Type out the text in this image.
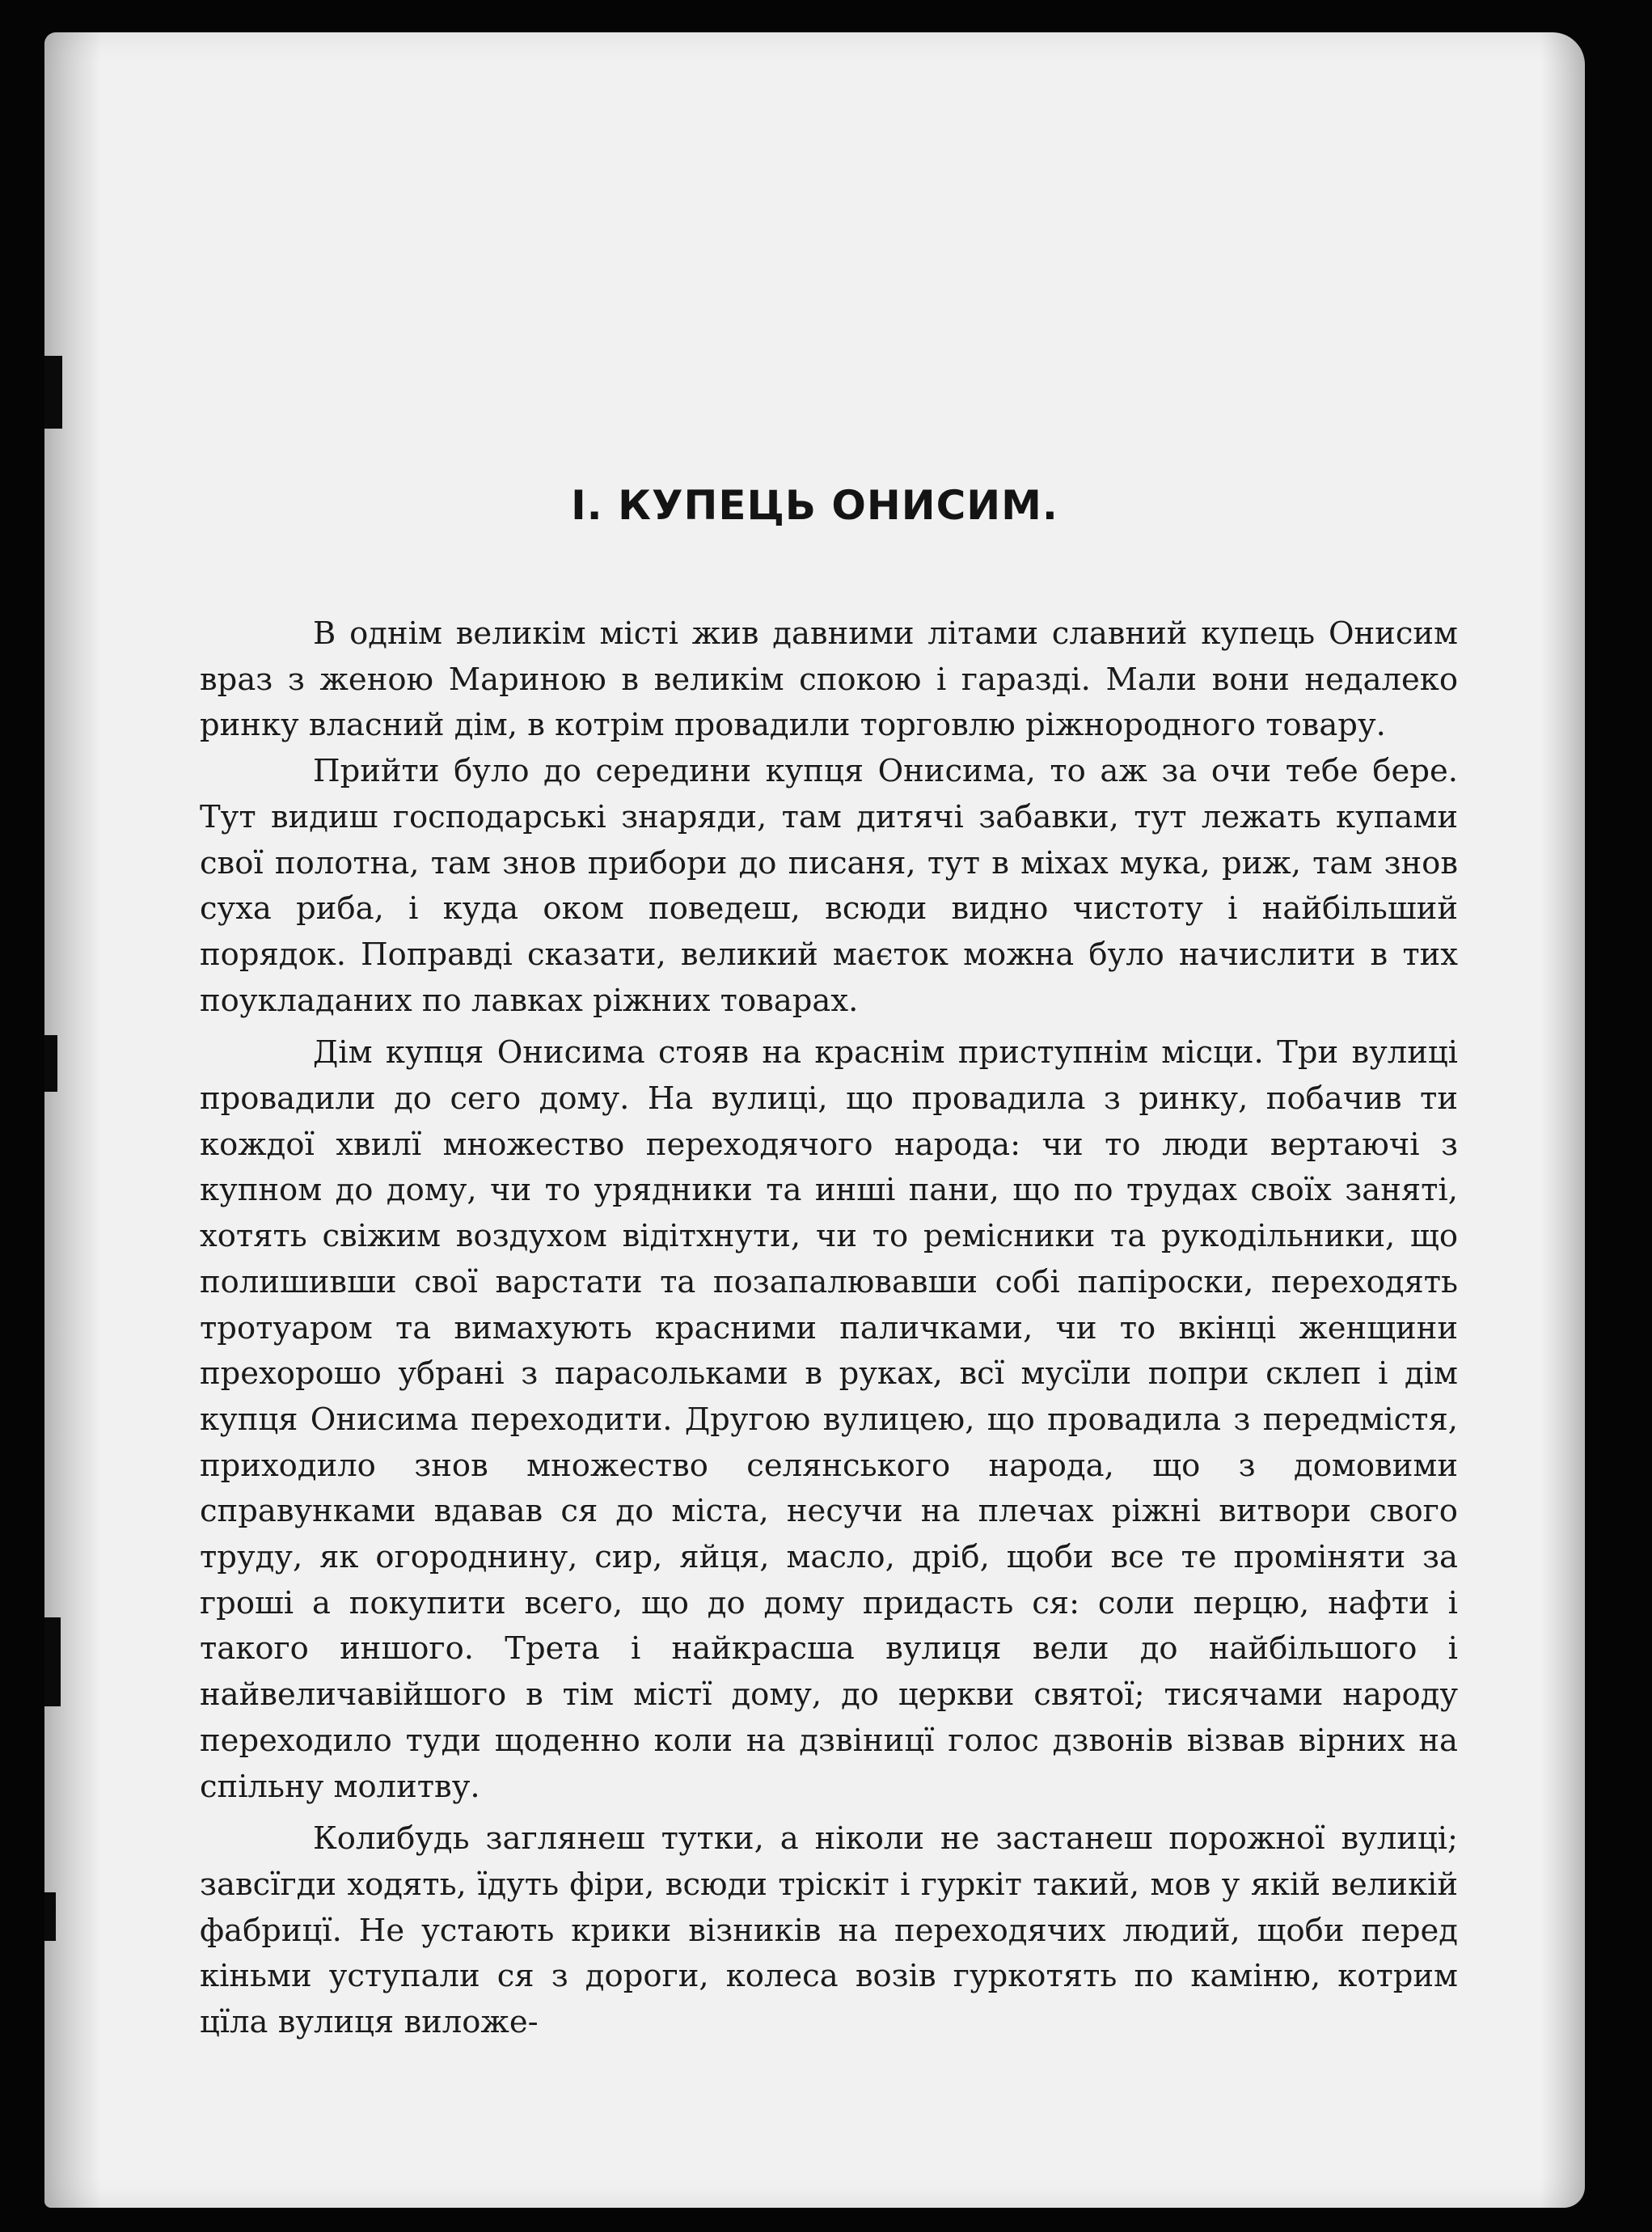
І. КУПЕЦЬ ОНИСИМ.

В однім великім місті жив давними літами славний купець Онисим враз з женою Мариною в великім спокою і гаразді. Мали вони недалеко ринку власний дім, в котрім провадили торговлю ріжнородного товару.

Прийти було до середини купця Онисима, то аж за очи тебе бере. Тут видиш господарські знаряди, там дитячі забавки, тут лежать купами свої полотна, там знов прибори до писаня, тут в міхах мука, риж, там знов суха риба, і куда оком поведеш, всюди видно чистоту і найбільший порядок. Поправді сказати, великий маєток можна було начислити в тих поукладаних по лавках ріжних товарах.

Дім купця Онисима стояв на краснім приступнім місци. Три вулиці провадили до сего дому. На вулиці, що провадила з ринку, побачив ти кождої хвилї множество переходячого народа: чи то люди вертаючі з купном до дому, чи то урядники та инші пани, що по трудах своїх заняті, хотять свіжим воздухом відітхнути, чи то ремісники та рукодільники, що полишивши свої варстати та позапалювавши собі папіроски, переходять тротуаром та вимахують красними паличками, чи то вкінці женщини прехорошо убрані з парасольками в руках, всї мусїли попри склеп і дім купця Онисима переходити. Другою вулицею, що провадила з передмістя, приходило знов множество селянського народа, що з домовими справунками вдавав ся до міста, несучи на плечах ріжні витвори свого труду, як огороднину, сир, яйця, масло, дріб, щоби все те проміняти за гроші а покупити всего, що до дому придасть ся: соли перцю, нафти і такого иншого. Трета і найкрасша вулиця вели до найбільшого і найвеличавійшого в тім містї дому, до церкви святої; тисячами народу переходило туди щоденно коли на дзвіницї голос дзвонів візвав вірних на спільну молитву.

Колибудь заглянеш тутки, а ніколи не застанеш порожної вулиці; завсїгди ходять, їдуть фіри, всюди тріскіт і гуркіт такий, мов у якій великій фабрицї. Не устають крики візників на переходячих людий, щоби перед кіньми уступали ся з дороги, колеса возів гуркотять по каміню, котрим цїла вулиця виложе-
